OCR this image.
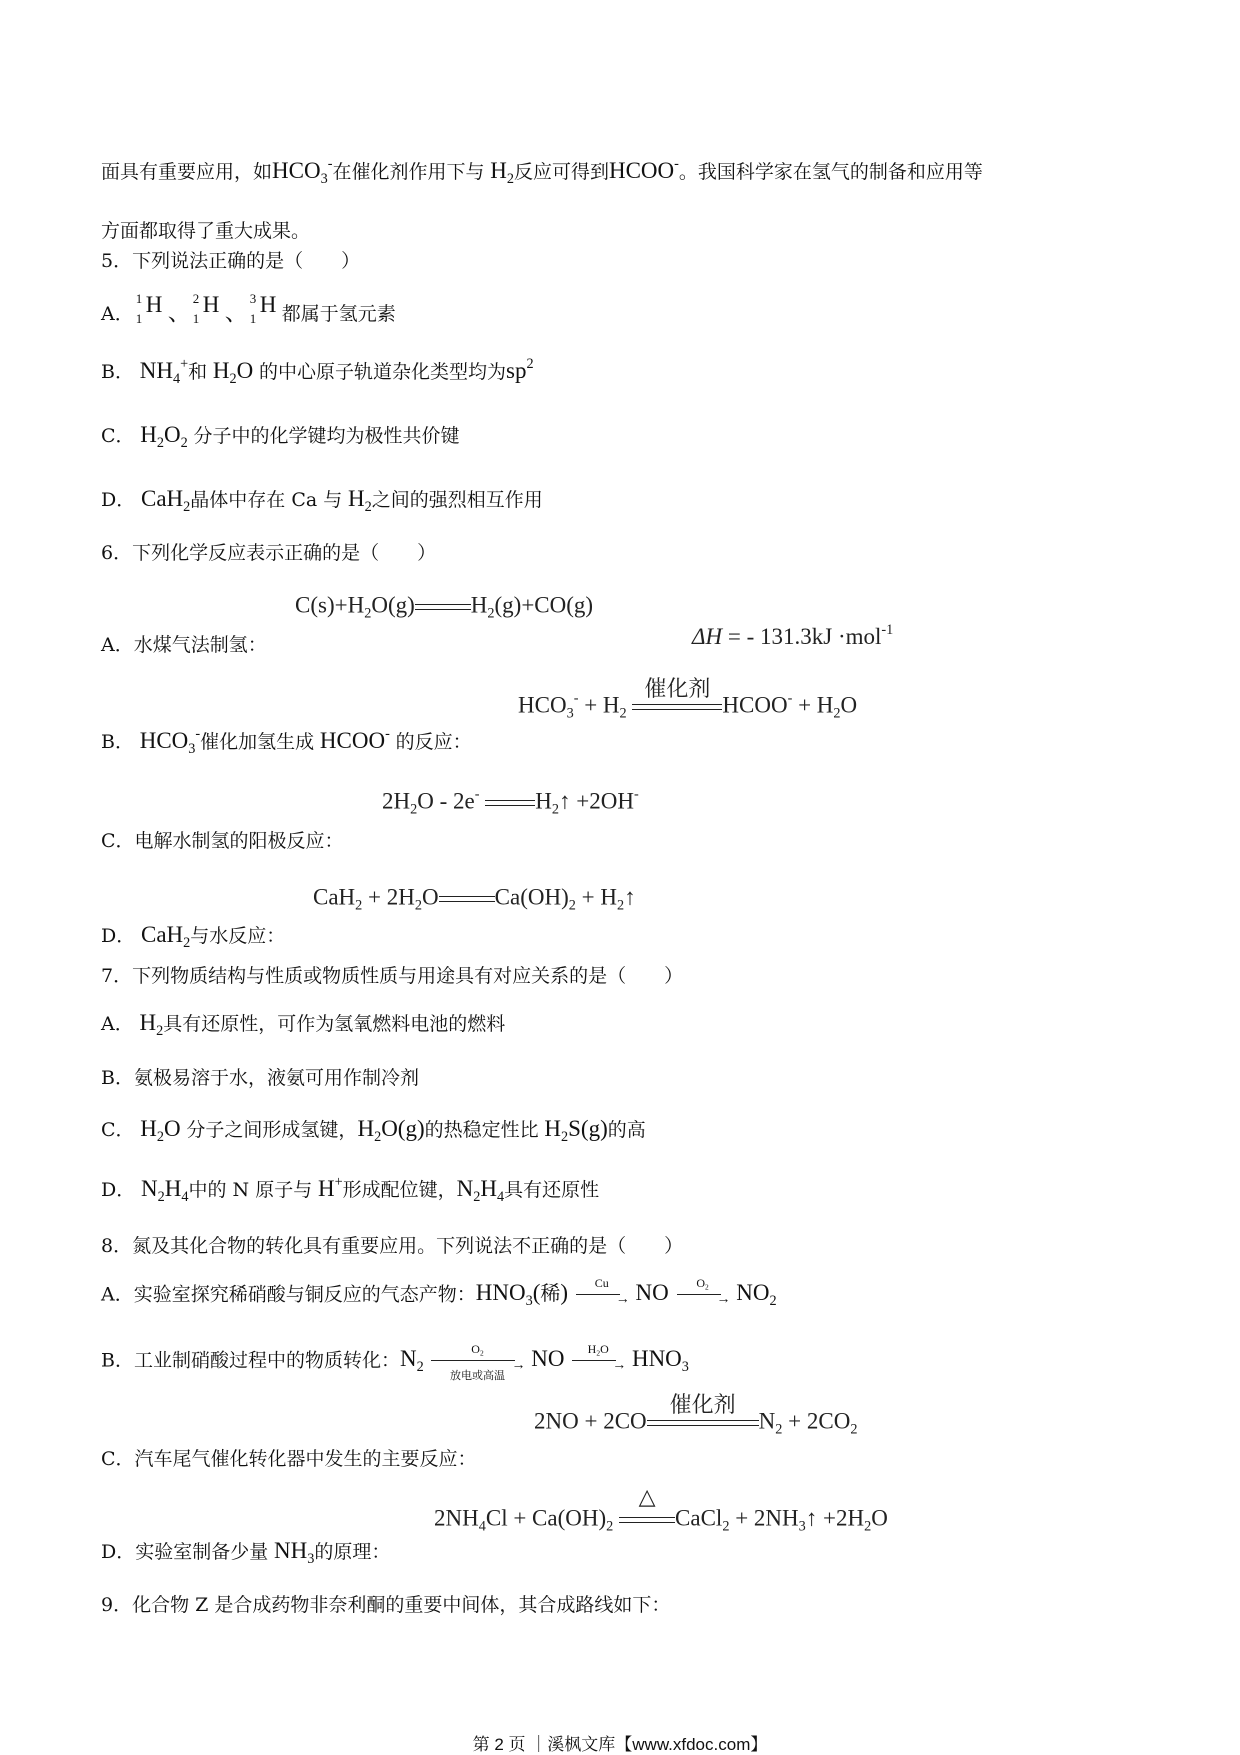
面具有重要应用，如$HCO_3^-$在催化剂作用下与 $H_2$反应可得到HCOO-。我国科学家在氢气的制备和应用等
方面都取得了重大成果。
5．下列说法正确的是（　　）
A．
1
1
H 、
2
1
H 、
3
1
H 都属于氢元素
B． $NH_4^+$和 $H_2O$ 的中心原子轨道杂化类型均为$sp^2$
C． $H_2O_2$ 分子中的化学键均为极性共价键
D． CaH$_2$晶体中存在 Ca 与 $H_2$之间的强烈相互作用
6．下列化学反应表示正确的是（　　）
$C(s)+H_2O(g)$ $H_2(g)+CO(g)$
ΔH = - 131.3kJ ·mol$^{-1}$
A．水煤气法制氢：
$HCO_3^- + H_2$
催化剂
HCOO- + $H_2O$
B． $HCO_3^-$催化加氢生成 HCOO- 的反应：
$2H_2O - 2e^-$ $H_2↑ +2OH^-$
C．电解水制氢的阳极反应：
$CaH_2 + 2H_2O$ $Ca(OH)_2$ + $H_2↑$
D． CaH$_2$与水反应：
7．下列物质结构与性质或物质性质与用途具有对应关系的是（　　）
A． $H_2$具有还原性，可作为氢氧燃料电池的燃料
B．氨极易溶于水，液氨可用作制冷剂
C． $H_2O$ 分子之间形成氢键，$H_2O(g)$的热稳定性比 $H_2S(g)$的高
D． $N_2H_4$中的 N 原子与 H+形成配位键，$N_2H_4$具有还原性
8．氮及其化合物的转化具有重要应用。下列说法不正确的是（　　）
A．实验室探究稀硝酸与铜反应的气态产物：$HNO_3$(稀)	Cu
→ NO	$O_2$
→ $NO_2$
B．工业制硝酸过程中的物质转化：$N_2$
$O_2$
→
放电或高温
NO	$H_2O$
→ $HNO_3$
2NO + 2CO
催化剂
$N_2 + 2CO_2$
C．汽车尾气催化转化器中发生的主要反应：
$2NH_4Cl + Ca(OH)_2$
△
CaCl$_2$ + $2NH_3↑ +2H_2O$
D．实验室制备少量 $NH_3$的原理：
9．化合物 Z 是合成药物非奈利酮的重要中间体，其合成路线如下：
第 2 页 ｜溪枫文库【www.xfdoc.com】
